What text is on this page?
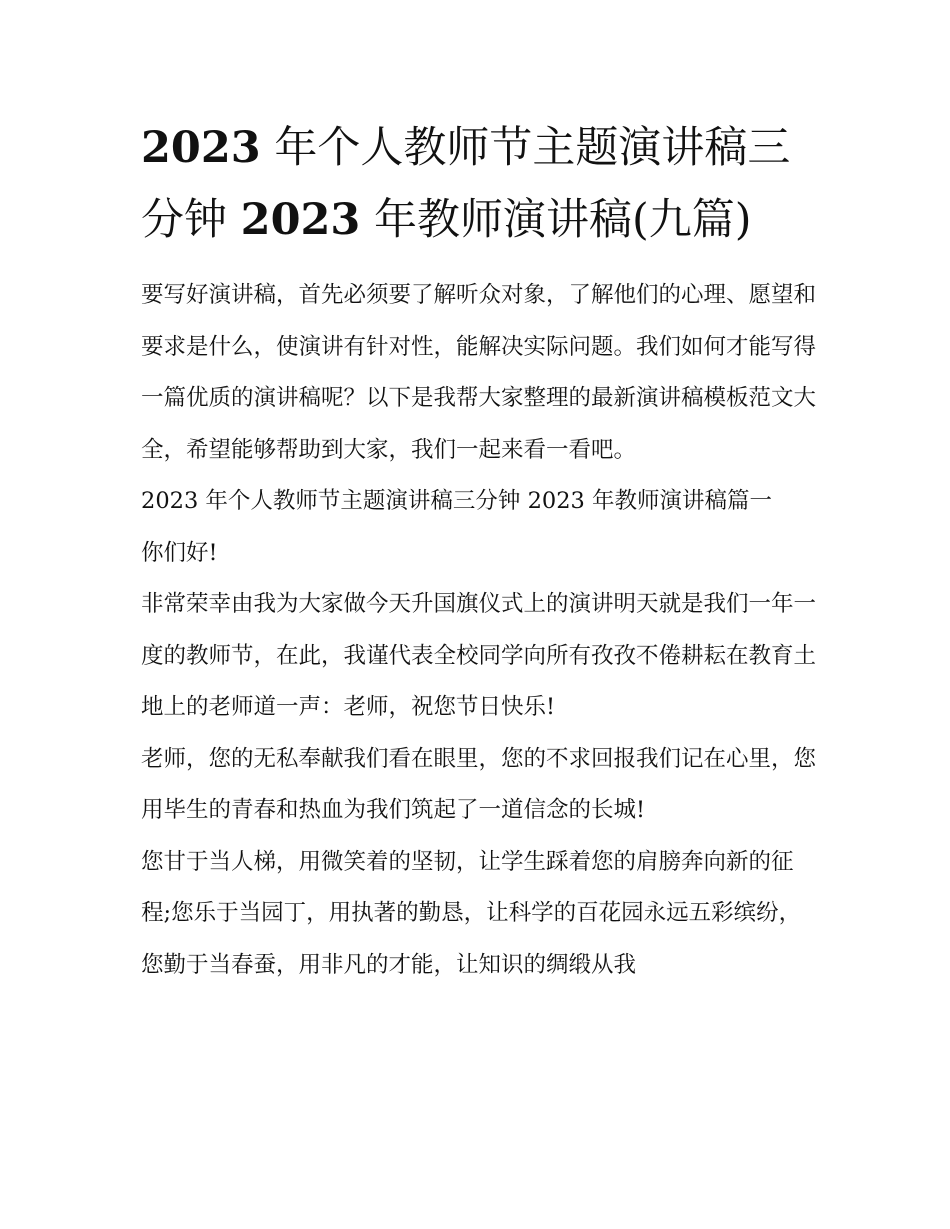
2023 年个人教师节主题演讲稿三分钟 2023 年教师演讲稿(九篇)

要写好演讲稿，首先必须要了解听众对象，了解他们的心理、愿望和要求是什么，使演讲有针对性，能解决实际问题。我们如何才能写得一篇优质的演讲稿呢？以下是我帮大家整理的最新演讲稿模板范文大全，希望能够帮助到大家，我们一起来看一看吧。

2023 年个人教师节主题演讲稿三分钟 2023 年教师演讲稿篇一

你们好!

非常荣幸由我为大家做今天升国旗仪式上的演讲明天就是我们一年一度的教师节，在此，我谨代表全校同学向所有孜孜不倦耕耘在教育土地上的老师道一声：老师，祝您节日快乐!

老师，您的无私奉献我们看在眼里，您的不求回报我们记在心里，您用毕生的青春和热血为我们筑起了一道信念的长城!

您甘于当人梯，用微笑着的坚韧，让学生踩着您的肩膀奔向新的征程;您乐于当园丁，用执著的勤恳，让科学的百花园永远五彩缤纷，您勤于当春蚕，用非凡的才能，让知识的绸缎从我
